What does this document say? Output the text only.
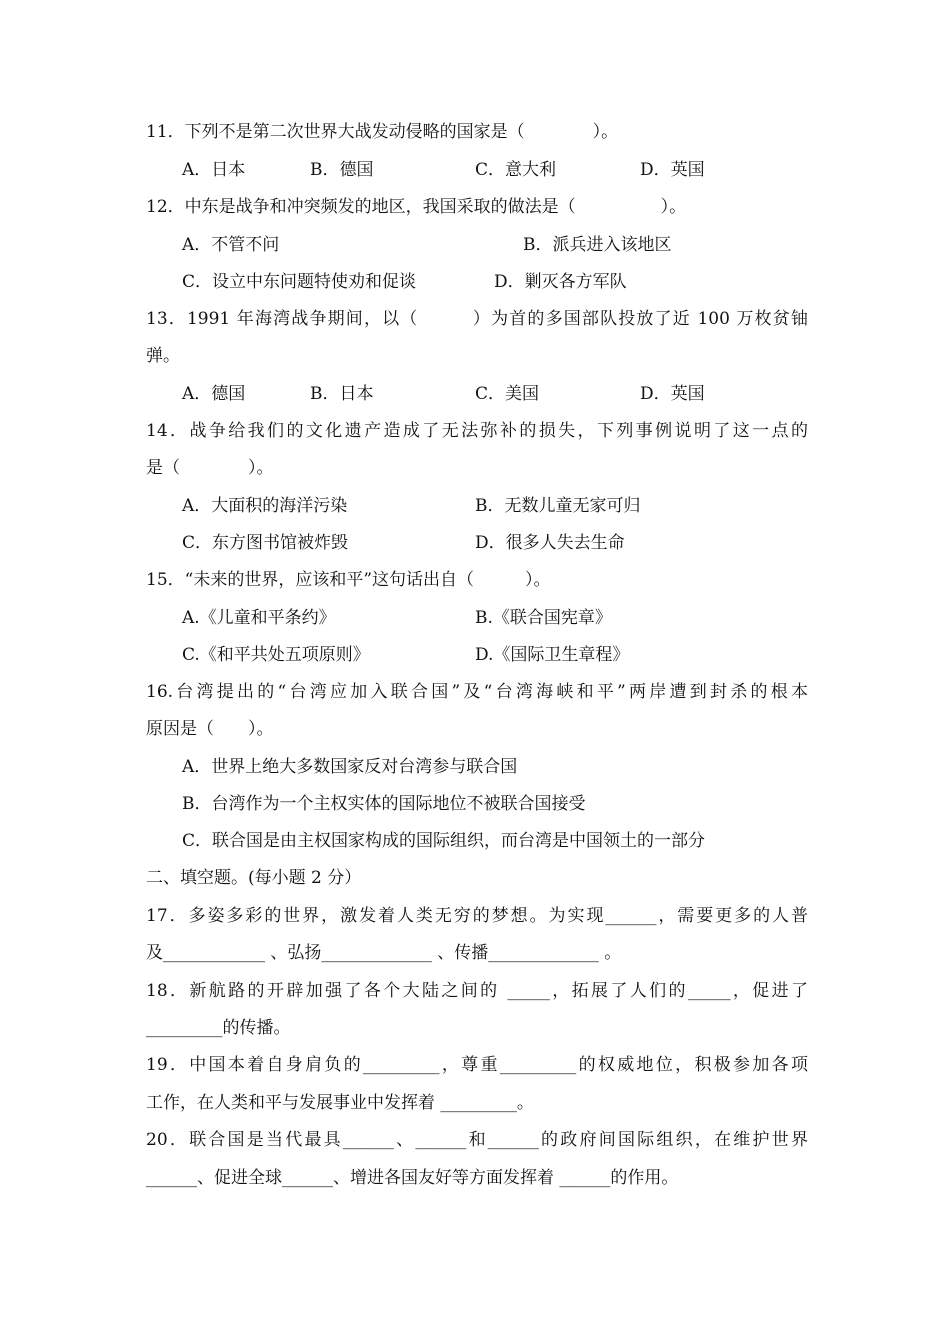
11．下列不是第二次世界大战发动侵略的国家是（　　　　）。
A．日本	B．德国	C．意大利	D．英国
12．中东是战争和冲突频发的地区，我国采取的做法是（　　　　　）。
A．不管不问	B．派兵进入该地区
C．设立中东问题特使劝和促谈	D．剿灭各方军队
13．1991 年海湾战争期间，以（　　　）为首的多国部队投放了近 100 万枚贫铀
弹。
A．德国	B．日本	C．美国	D．英国
14．战争给我们的文化遗产造成了无法弥补的损失，下列事例说明了这一点的
是（　　　　）。
A．大面积的海洋污染	B．无数儿童无家可归
C．东方图书馆被炸毁	D．很多人失去生命
15．“未来的世界，应该和平”这句话出自（　　　）。
A.《儿童和平条约》	B.《联合国宪章》
C.《和平共处五项原则》	D.《国际卫生章程》
16.台湾提出的“台湾应加入联合国”及“台湾海峡和平”两岸遭到封杀的根本
原因是（　　）。
A．世界上绝大多数国家反对台湾参与联合国
B．台湾作为一个主权实体的国际地位不被联合国接受
C．联合国是由主权国家构成的国际组织，而台湾是中国领土的一部分
二、填空题。(每小题 2 分）
17．多姿多彩的世界，激发着人类无穷的梦想。为实现______，需要更多的人普
及____________ 、弘扬_____________ 、传播_____________ 。
18．新航路的开辟加强了各个大陆之间的 _____，拓展了人们的_____，促进了
_________的传播。
19．中国本着自身肩负的_________，尊重_________的权威地位，积极参加各项
工作，在人类和平与发展事业中发挥着 _________。
20．联合国是当代最具______、______和______的政府间国际组织，在维护世界
______、促进全球______、增进各国友好等方面发挥着 ______的作用。
